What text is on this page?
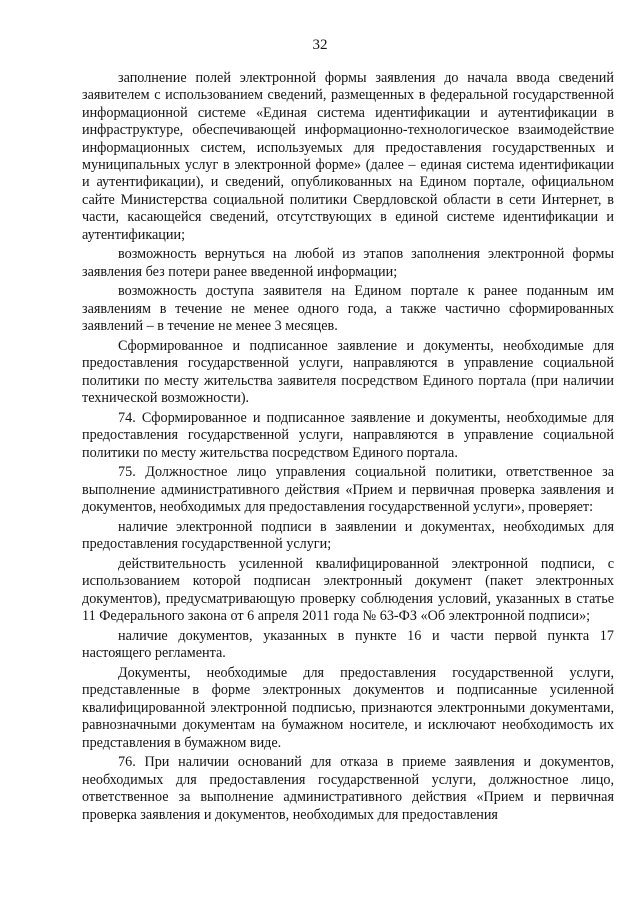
32

заполнение полей электронной формы заявления до начала ввода сведений заявителем с использованием сведений, размещенных в федеральной государственной информационной системе «Единая система идентификации и аутентификации в инфраструктуре, обеспечивающей информационно-технологическое взаимодействие информационных систем, используемых для предоставления государственных и муниципальных услуг в электронной форме» (далее – единая система идентификации и аутентификации), и сведений, опубликованных на Едином портале, официальном сайте Министерства социальной политики Свердловской области в сети Интернет, в части, касающейся сведений, отсутствующих в единой системе идентификации и аутентификации;

возможность вернуться на любой из этапов заполнения электронной формы заявления без потери ранее введенной информации;

возможность доступа заявителя на Едином портале к ранее поданным им заявлениям в течение не менее одного года, а также частично сформированных заявлений – в течение не менее 3 месяцев.

Сформированное и подписанное заявление и документы, необходимые для предоставления государственной услуги, направляются в управление социальной политики по месту жительства заявителя посредством Единого портала (при наличии технической возможности).

74. Сформированное и подписанное заявление и документы, необходимые для предоставления государственной услуги, направляются в управление социальной политики по месту жительства посредством Единого портала.

75. Должностное лицо управления социальной политики, ответственное за выполнение административного действия «Прием и первичная проверка заявления и документов, необходимых для предоставления государственной услуги», проверяет:

наличие электронной подписи в заявлении и документах, необходимых для предоставления государственной услуги;

действительность усиленной квалифицированной электронной подписи, с использованием которой подписан электронный документ (пакет электронных документов), предусматривающую проверку соблюдения условий, указанных в статье 11 Федерального закона от 6 апреля 2011 года № 63-ФЗ «Об электронной подписи»;

наличие документов, указанных в пункте 16 и части первой пункта 17 настоящего регламента.

Документы, необходимые для предоставления государственной услуги, представленные в форме электронных документов и подписанные усиленной квалифицированной электронной подписью, признаются электронными документами, равнозначными документам на бумажном носителе, и исключают необходимость их представления в бумажном виде.

76. При наличии оснований для отказа в приеме заявления и документов, необходимых для предоставления государственной услуги, должностное лицо, ответственное за выполнение административного действия «Прием и первичная проверка заявления и документов, необходимых для предоставления
